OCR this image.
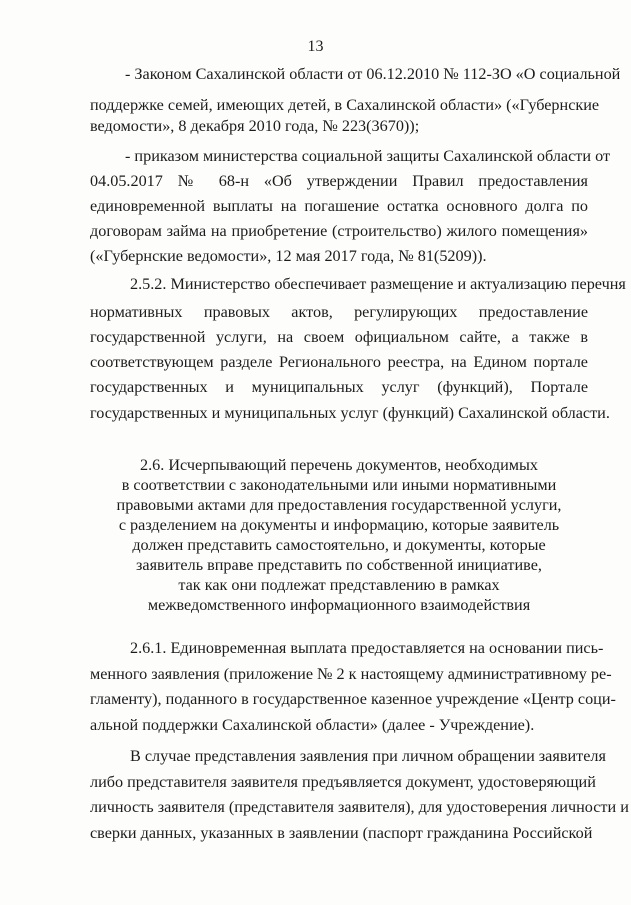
13
- Законом Сахалинской области от 06.12.2010 № 112-ЗО «О социальной
поддержке семей, имеющих детей, в Сахалинской области» («Губернские
ведомости», 8 декабря 2010 года, № 223(3670));
- приказом министерства социальной защиты Сахалинской области от
04.05.2017 № 68-н «Об утверждении Правил предоставления
единовременной выплаты на погашение остатка основного долга по
договорам займа на приобретение (строительство) жилого помещения»
(«Губернские ведомости», 12 мая 2017 года, № 81(5209)).
2.5.2. Министерство обеспечивает размещение и актуализацию перечня
нормативных правовых актов, регулирующих предоставление
государственной услуги, на своем официальном сайте, а также в
соответствующем разделе Регионального реестра, на Едином портале
государственных и муниципальных услуг (функций), Портале
государственных и муниципальных услуг (функций) Сахалинской области.
2.6. Исчерпывающий перечень документов, необходимых
в соответствии с законодательными или иными нормативными
правовыми актами для предоставления государственной услуги,
с разделением на документы и информацию, которые заявитель
должен представить самостоятельно, и документы, которые
заявитель вправе представить по собственной инициативе,
так как они подлежат представлению в рамках
межведомственного информационного взаимодействия
2.6.1. Единовременная выплата предоставляется на основании пись-
менного заявления (приложение № 2 к настоящему административному ре-
гламенту), поданного в государственное казенное учреждение «Центр соци-
альной поддержки Сахалинской области» (далее - Учреждение).
В случае представления заявления при личном обращении заявителя
либо представителя заявителя предъявляется документ, удостоверяющий
личность заявителя (представителя заявителя), для удостоверения личности и
сверки данных, указанных в заявлении (паспорт гражданина Российской
